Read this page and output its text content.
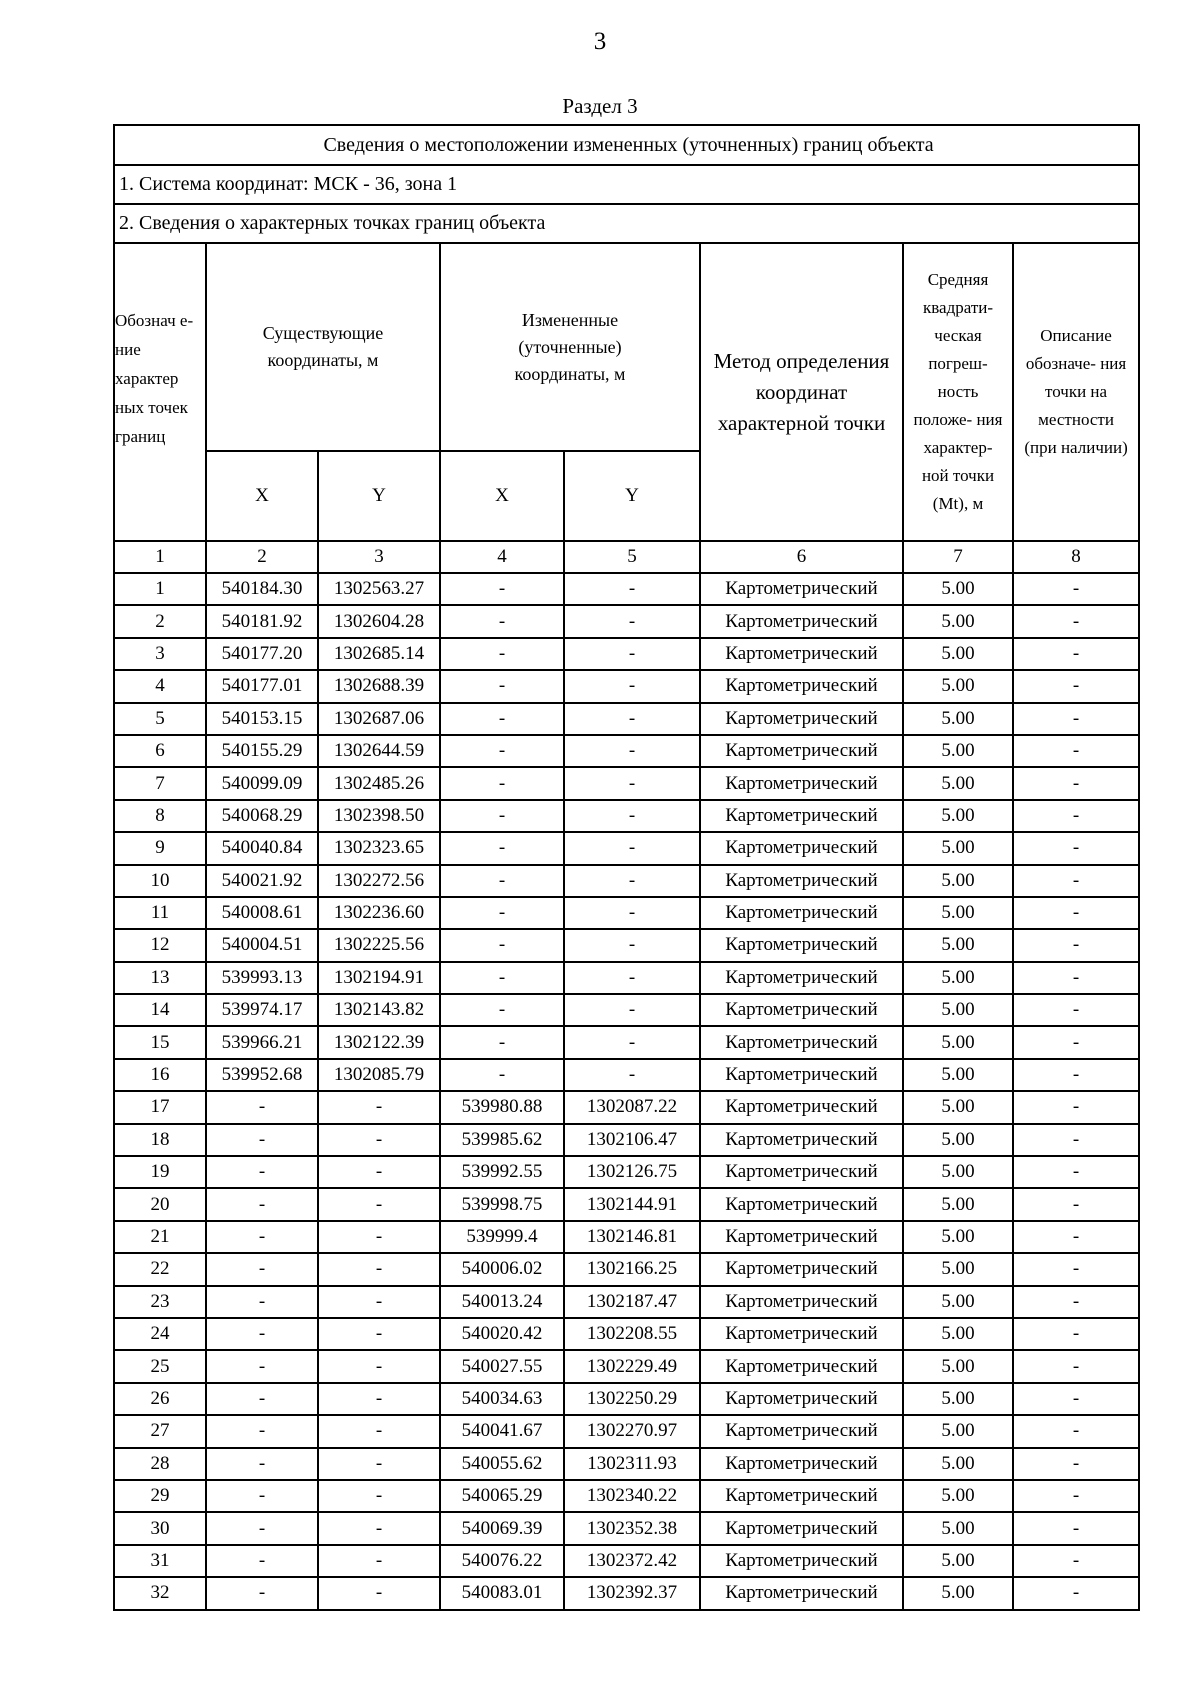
3
Раздел 3
Сведения о местоположении измененных (уточненных) границ объекта							
1. Система координат: МСК - 36, зона 1							
2. Сведения о характерных точках границ объекта							
Обознач е-ние характер ных точек границ	Существующие координаты, м		Измененные (уточненные) координаты, м		Метод определения координат характерной точки	Средняя квадрати- ческая погреш- ность положе- ния характер- ной точки (Mt), м	Описание обозначе- ния точки на местности (при наличии)
	X	Y	X	Y			
1	2	3	4	5	6	7	8
1	540184.30	1302563.27	-	-	Картометрический	5.00	-
2	540181.92	1302604.28	-	-	Картометрический	5.00	-
3	540177.20	1302685.14	-	-	Картометрический	5.00	-
4	540177.01	1302688.39	-	-	Картометрический	5.00	-
5	540153.15	1302687.06	-	-	Картометрический	5.00	-
6	540155.29	1302644.59	-	-	Картометрический	5.00	-
7	540099.09	1302485.26	-	-	Картометрический	5.00	-
8	540068.29	1302398.50	-	-	Картометрический	5.00	-
9	540040.84	1302323.65	-	-	Картометрический	5.00	-
10	540021.92	1302272.56	-	-	Картометрический	5.00	-
11	540008.61	1302236.60	-	-	Картометрический	5.00	-
12	540004.51	1302225.56	-	-	Картометрический	5.00	-
13	539993.13	1302194.91	-	-	Картометрический	5.00	-
14	539974.17	1302143.82	-	-	Картометрический	5.00	-
15	539966.21	1302122.39	-	-	Картометрический	5.00	-
16	539952.68	1302085.79	-	-	Картометрический	5.00	-
17	-	-	539980.88	1302087.22	Картометрический	5.00	-
18	-	-	539985.62	1302106.47	Картометрический	5.00	-
19	-	-	539992.55	1302126.75	Картометрический	5.00	-
20	-	-	539998.75	1302144.91	Картометрический	5.00	-
21	-	-	539999.4	1302146.81	Картометрический	5.00	-
22	-	-	540006.02	1302166.25	Картометрический	5.00	-
23	-	-	540013.24	1302187.47	Картометрический	5.00	-
24	-	-	540020.42	1302208.55	Картометрический	5.00	-
25	-	-	540027.55	1302229.49	Картометрический	5.00	-
26	-	-	540034.63	1302250.29	Картометрический	5.00	-
27	-	-	540041.67	1302270.97	Картометрический	5.00	-
28	-	-	540055.62	1302311.93	Картометрический	5.00	-
29	-	-	540065.29	1302340.22	Картометрический	5.00	-
30	-	-	540069.39	1302352.38	Картометрический	5.00	-
31	-	-	540076.22	1302372.42	Картометрический	5.00	-
32	-	-	540083.01	1302392.37	Картометрический	5.00	-
